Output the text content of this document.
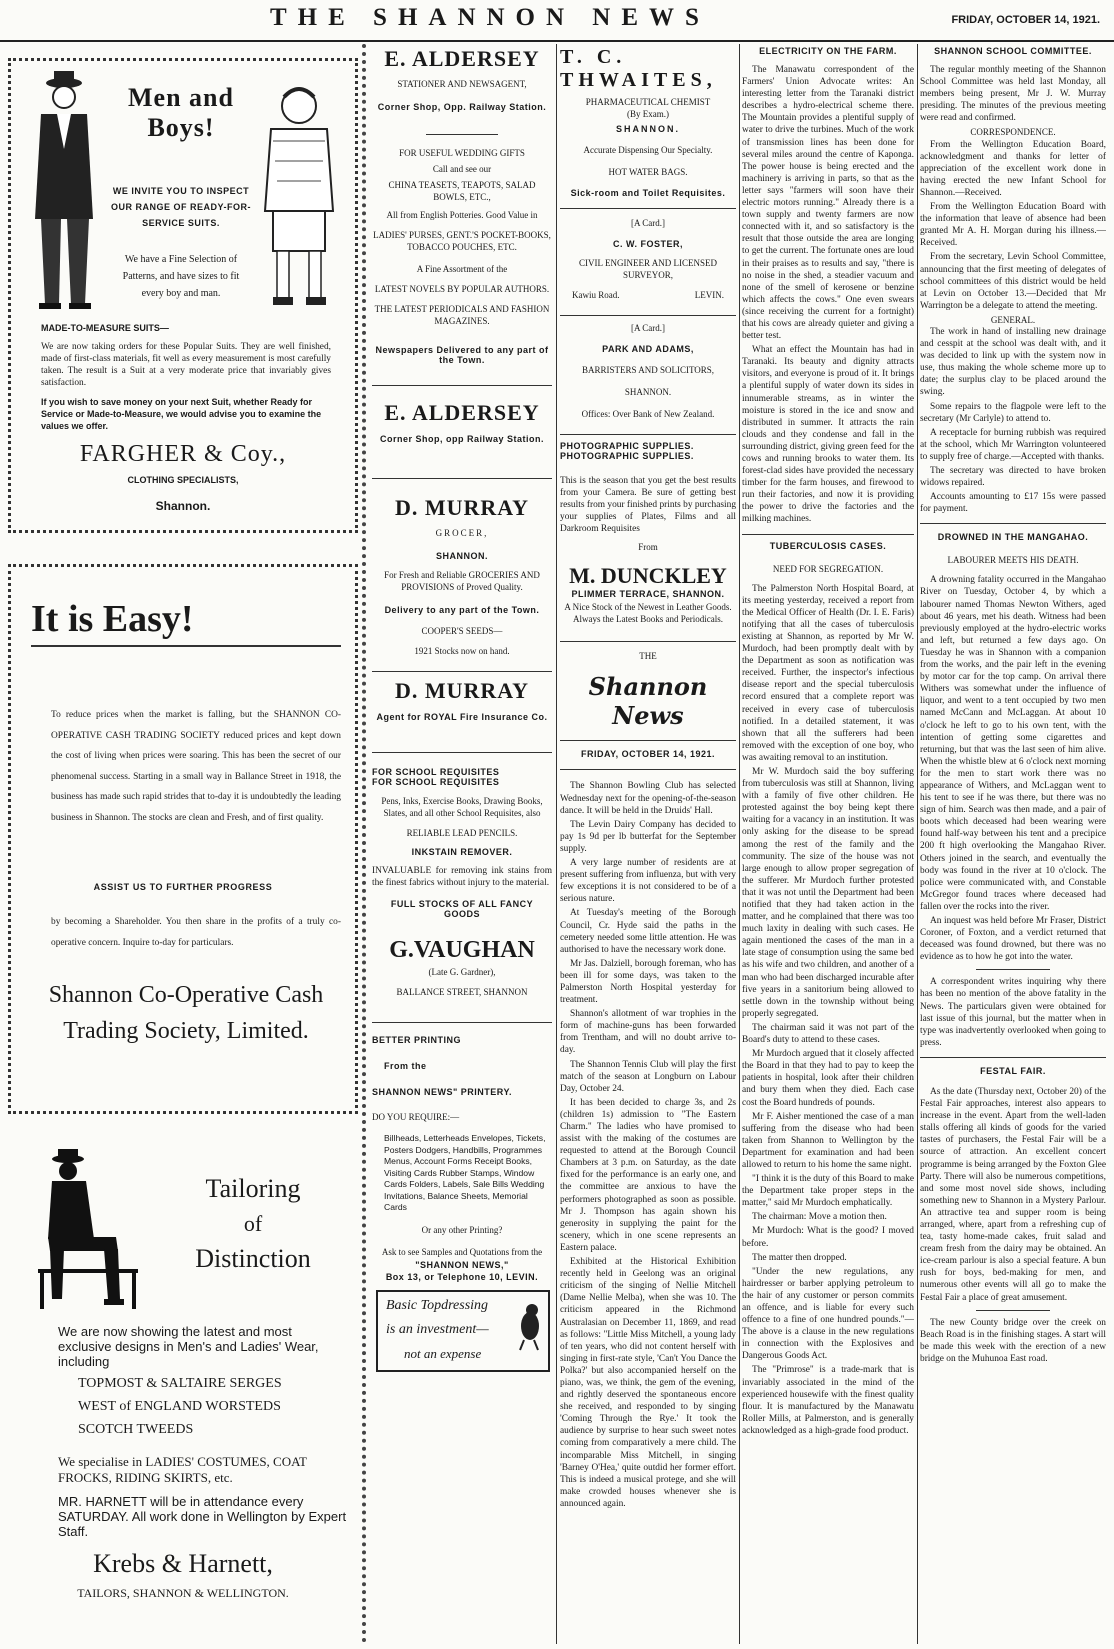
THE SHANNON NEWS	FRIDAY, OCTOBER 14, 1921.
Men and Boys!
WE INVITE YOU TO INSPECT OUR RANGE OF READY-FOR-SERVICE SUITS.
We have a Fine Selection of Patterns, and have sizes to fit every boy and man.
MADE-TO-MEASURE SUITS—
We are now taking orders for these Popular Suits. They are well finished, made of first-class materials, fit well as every measurement is most carefully taken. The result is a Suit at a very moderate price that invariably gives satisfaction.
If you wish to save money on your next Suit, whether Ready for Service or Made-to-Measure, we would advise you to examine the values we offer.
FARGHER & Coy.,
CLOTHING SPECIALISTS,
Shannon.
It is Easy!
To reduce prices when the market is falling, but the SHANNON CO-OPERATIVE CASH TRADING SOCIETY reduced prices and kept down the cost of living when prices were soaring. This has been the secret of our phenomenal success. Starting in a small way in Ballance Street in 1918, the business has made such rapid strides that to-day it is undoubtedly the leading business in Shannon. The stocks are clean and Fresh, and of first quality.
ASSIST US TO FURTHER PROGRESS
by becoming a Shareholder. You then share in the profits of a truly co-operative concern. Inquire to-day for particulars.
Shannon Co-Operative Cash Trading Society, Limited.
Tailoring
of
Distinction
We are now showing the latest and most exclusive designs in Men's and Ladies' Wear, including
TOPMOST & SALTAIRE SERGES
WEST of ENGLAND WORSTEDS
SCOTCH TWEEDS
We specialise in LADIES' COSTUMES, COAT FROCKS, RIDING SKIRTS, etc.
MR. HARNETT will be in attendance every SATURDAY. All work done in Wellington by Expert Staff.
Krebs & Harnett,
TAILORS, SHANNON & WELLINGTON.
E. ALDERSEY
STATIONER AND NEWSAGENT,
Corner Shop, Opp. Railway Station.
FOR USEFUL WEDDING GIFTS
Call and see our
CHINA TEASETS, TEAPOTS, SALAD BOWLS, ETC.,
All from English Potteries. Good Value in
LADIES' PURSES, GENT.'S POCKET-BOOKS, TOBACCO POUCHES, ETC.
A Fine Assortment of the
LATEST NOVELS BY POPULAR AUTHORS.
THE LATEST PERIODICALS AND FASHION MAGAZINES.
Newspapers Delivered to any part of the Town.
E. ALDERSEY
Corner Shop, opp Railway Station.
D. MURRAY
GROCER,
SHANNON.
For Fresh and Reliable GROCERIES AND PROVISIONS of Proved Quality.
Delivery to any part of the Town.
COOPER'S SEEDS—
1921 Stocks now on hand.
D. MURRAY
Agent for ROYAL Fire Insurance Co.
FOR SCHOOL REQUISITES
FOR SCHOOL REQUISITES
Pens, Inks, Exercise Books, Drawing Books, Slates, and all other School Requisites, also
RELIABLE LEAD PENCILS.
INKSTAIN REMOVER.
INVALUABLE for removing ink stains from the finest fabrics without injury to the material.
FULL STOCKS OF ALL FANCY GOODS
G.VAUGHAN
(Late G. Gardner),
BALLANCE STREET, SHANNON
BETTER PRINTING
From the
SHANNON NEWS" PRINTERY.
DO YOU REQUIRE:—
Billheads, Letterheads Envelopes, Tickets, Posters Dodgers, Handbills, Programmes Menus, Account Forms Receipt Books, Visiting Cards Rubber Stamps, Window Cards Folders, Labels, Sale Bills Wedding Invitations, Balance Sheets, Memorial Cards
Or any other Printing?
Ask to see Samples and Quotations from the
"SHANNON NEWS,"
Box 13, or Telephone 10, LEVIN.
Basic Topdressing
is an investment—
not an expense
T. C. THWAITES,
PHARMACEUTICAL CHEMIST
(By Exam.)
SHANNON.
Accurate Dispensing Our Specialty.
HOT WATER BAGS.
Sick-room and Toilet Requisites.
[A Card.]
C. W. FOSTER,
CIVIL ENGINEER AND LICENSED SURVEYOR,
Kawiu Road.	LEVIN.
[A Card.]
PARK AND ADAMS,
BARRISTERS AND SOLICITORS,
SHANNON.
Offices: Over Bank of New Zealand.
PHOTOGRAPHIC SUPPLIES.
PHOTOGRAPHIC SUPPLIES.
This is the season that you get the best results from your Camera. Be sure of getting best results from your finished prints by purchasing your supplies of Plates, Films and all Darkroom Requisites
From
M. DUNCKLEY
PLIMMER TERRACE, SHANNON.
A Nice Stock of the Newest in Leather Goods. Always the Latest Books and Periodicals.
THE
Shannon News
FRIDAY, OCTOBER 14, 1921.

The Shannon Bowling Club has selected Wednesday next for the opening-of-the-season dance. It will be held in the Druids' Hall.

The Levin Dairy Company has decided to pay 1s 9d per lb butterfat for the September supply.

A very large number of residents are at present suffering from influenza, but with very few exceptions it is not considered to be of a serious nature.

At Tuesday's meeting of the Borough Council, Cr. Hyde said the paths in the cemetery needed some little attention. He was authorised to have the necessary work done.

Mr Jas. Dalziell, borough foreman, who has been ill for some days, was taken to the Palmerston North Hospital yesterday for treatment.

Shannon's allotment of war trophies in the form of machine-guns has been forwarded from Trentham, and will no doubt arrive to-day.

The Shannon Tennis Club will play the first match of the season at Longburn on Labour Day, October 24.

It has been decided to charge 3s, and 2s (children 1s) admission to "The Eastern Charm." The ladies who have promised to assist with the making of the costumes are requested to attend at the Borough Council Chambers at 3 p.m. on Saturday, as the date fixed for the performance is an early one, and the committee are anxious to have the performers photographed as soon as possible. Mr J. Thompson has again shown his generosity in supplying the paint for the scenery, which in one scene represents an Eastern palace.

Exhibited at the Historical Exhibition recently held in Geelong was an original criticism of the singing of Nellie Mitchell (Dame Nellie Melba), when she was 10. The criticism appeared in the Richmond Australasian on December 11, 1869, and read as follows: "Little Miss Mitchell, a young lady of ten years, who did not content herself with singing in first-rate style, 'Can't You Dance the Polka?' but also accompanied herself on the piano, was, we think, the gem of the evening, and rightly deserved the spontaneous encore she received, and responded to by singing 'Coming Through the Rye.' It took the audience by surprise to hear such sweet notes coming from comparatively a mere child. The incomparable Miss Mitchell, in singing 'Barney O'Hea,' quite outdid her former effort. This is indeed a musical protege, and she will make crowded houses whenever she is announced again.

ELECTRICITY ON THE FARM.

The Manawatu correspondent of the Farmers' Union Advocate writes: An interesting letter from the Taranaki district describes a hydro-electrical scheme there. The Mountain provides a plentiful supply of water to drive the turbines. Much of the work of transmission lines has been done for several miles around the centre of Kaponga. The power house is being erected and the machinery is arriving in parts, so that as the letter says "farmers will soon have their electric motors running." Already there is a town supply and twenty farmers are now connected with it, and so satisfactory is the result that those outside the area are longing to get the current. The fortunate ones are loud in their praises as to results and say, "there is no noise in the shed, a steadier vacuum and none of the smell of kerosene or benzine which affects the cows." One even swears (since receiving the current for a fortnight) that his cows are already quieter and giving a better test.

What an effect the Mountain has had in Taranaki. Its beauty and dignity attracts visitors, and everyone is proud of it. It brings a plentiful supply of water down its sides in innumerable streams, as in winter the moisture is stored in the ice and snow and distributed in summer. It attracts the rain clouds and they condense and fall in the surrounding district, giving green feed for the cows and running brooks to water them. Its forest-clad sides have provided the necessary timber for the farm houses, and firewood to run their factories, and now it is providing the power to drive the factories and the milking machines.

TUBERCULOSIS CASES.
NEED FOR SEGREGATION.

The Palmerston North Hospital Board, at its meeting yesterday, received a report from the Medical Officer of Health (Dr. I. E. Faris) notifying that all the cases of tuberculosis existing at Shannon, as reported by Mr W. Murdoch, had been promptly dealt with by the Department as soon as notification was received. Further, the inspector's infectious disease report and the special tuberculosis record ensured that a complete report was received in every case of tuberculosis notified. In a detailed statement, it was shown that all the sufferers had been removed with the exception of one boy, who was awaiting removal to an institution.

Mr W. Murdoch said the boy suffering from tuberculosis was still at Shannon, living with a family of five other children. He protested against the boy being kept there waiting for a vacancy in an institution. It was only asking for the disease to be spread among the rest of the family and the community. The size of the house was not large enough to allow proper segregation of the sufferer. Mr Murdoch further protested that it was not until the Department had been notified that they had taken action in the matter, and he complained that there was too much laxity in dealing with such cases. He again mentioned the cases of the man in a late stage of consumption using the same bed as his wife and two children, and another of a man who had been discharged incurable after five years in a sanitorium being allowed to settle down in the township without being properly segregated.

The chairman said it was not part of the Board's duty to attend to these cases.

Mr Murdoch argued that it closely affected the Board in that they had to pay to keep the patients in hospital, look after their children and bury them when they died. Each case cost the Board hundreds of pounds.

Mr F. Aisher mentioned the case of a man suffering from the disease who had been taken from Shannon to Wellington by the Department for examination and had been allowed to return to his home the same night.

"I think it is the duty of this Board to make the Department take proper steps in the matter," said Mr Murdoch emphatically.

The chairman: Move a motion then.

Mr Murdoch: What is the good? I moved before.

The matter then dropped.

"Under the new regulations, any hairdresser or barber applying petroleum to the hair of any customer or person commits an offence, and is liable for every such offence to a fine of one hundred pounds."—The above is a clause in the new regulations in connection with the Explosives and Dangerous Goods Act.

The "Primrose" is a trade-mark that is invariably associated in the mind of the experienced housewife with the finest quality flour. It is manufactured by the Manawatu Roller Mills, at Palmerston, and is generally acknowledged as a high-grade food product.

SHANNON SCHOOL COMMITTEE.

The regular monthly meeting of the Shannon School Committee was held last Monday, all members being present, Mr J. W. Murray presiding. The minutes of the previous meeting were read and confirmed.

CORRESPONDENCE.

From the Wellington Education Board, acknowledgment and thanks for letter of appreciation of the excellent work done in having erected the new Infant School for Shannon.—Received.

From the Wellington Education Board with the information that leave of absence had been granted Mr A. H. Morgan during his illness.—Received.

From the secretary, Levin School Committee, announcing that the first meeting of delegates of school committees of this district would be held at Levin on October 13.—Decided that Mr Warrington be a delegate to attend the meeting.

GENERAL.

The work in hand of installing new drainage and cesspit at the school was dealt with, and it was decided to link up with the system now in use, thus making the whole scheme more up to date; the surplus clay to be placed around the swing.

Some repairs to the flagpole were left to the secretary (Mr Carlyle) to attend to.

A receptacle for burning rubbish was required at the school, which Mr Warrington volunteered to supply free of charge.—Accepted with thanks.

The secretary was directed to have broken widows repaired.

Accounts amounting to £17 15s were passed for payment.

DROWNED IN THE MANGAHAO.
LABOURER MEETS HIS DEATH.

A drowning fatality occurred in the Mangahao River on Tuesday, October 4, by which a labourer named Thomas Newton Withers, aged about 46 years, met his death. Witness had been previously employed at the hydro-electric works and left, but returned a few days ago. On Tuesday he was in Shannon with a companion from the works, and the pair left in the evening by motor car for the top camp. On arrival there Withers was somewhat under the influence of liquor, and went to a tent occupied by two men named McCann and McLaggan. At about 10 o'clock he left to go to his own tent, with the intention of getting some cigarettes and returning, but that was the last seen of him alive. When the whistle blew at 6 o'clock next morning for the men to start work there was no appearance of Withers, and McLaggan went to his tent to see if he was there, but there was no sign of him. Search was then made, and a pair of boots which deceased had been wearing were found half-way between his tent and a precipice 200 ft high overlooking the Mangahao River. Others joined in the search, and eventually the body was found in the river at 10 o'clock. The police were communicated with, and Constable McGregor found traces where deceased had fallen over the rocks into the river.

An inquest was held before Mr Fraser, District Coroner, of Foxton, and a verdict returned that deceased was found drowned, but there was no evidence as to how he got into the water.

A correspondent writes inquiring why there has been no mention of the above fatality in the News. The particulars given were obtained for last issue of this journal, but the matter when in type was inadvertently overlooked when going to press.

FESTAL FAIR.

As the date (Thursday next, October 20) of the Festal Fair approaches, interest also appears to increase in the event. Apart from the well-laden stalls offering all kinds of goods for the varied tastes of purchasers, the Festal Fair will be a source of attraction. An excellent concert programme is being arranged by the Foxton Glee Party. There will also be numerous competitions, and some most novel side shows, including something new to Shannon in a Mystery Parlour. An attractive tea and supper room is being arranged, where, apart from a refreshing cup of tea, tasty home-made cakes, fruit salad and cream fresh from the dairy may be obtained. An ice-cream parlour is also a special feature. A bun rush for boys, bed-making for men, and numerous other events will all go to make the Festal Fair a place of great amusement.

The new County bridge over the creek on Beach Road is in the finishing stages. A start will be made this week with the erection of a new bridge on the Muhunoa East road.
